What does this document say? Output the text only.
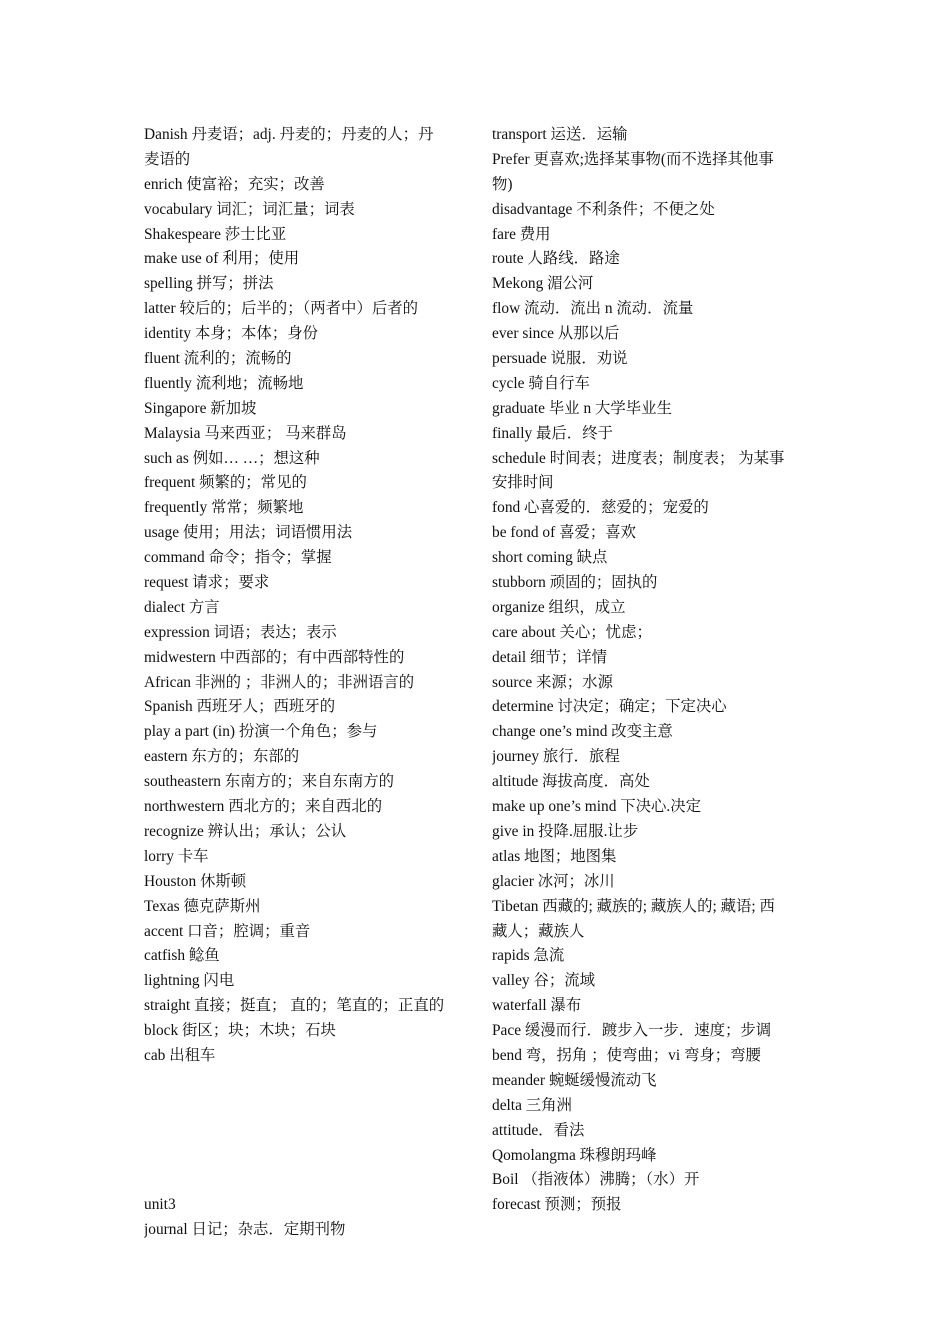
Danish 丹麦语；adj. 丹麦的；丹麦的人；丹
麦语的
enrich 使富裕；充实；改善
vocabulary 词汇；词汇量；词表
Shakespeare 莎士比亚
make use of 利用；使用
spelling 拼写；拼法
latter 较后的；后半的；（两者中）后者的
identity 本身；本体；身份
fluent 流利的；流畅的
fluently 流利地；流畅地
Singapore 新加坡
Malaysia 马来西亚； 马来群岛
such as 例如… …；想这种
frequent 频繁的；常见的
frequently 常常；频繁地
usage 使用；用法；词语惯用法
command 命令；指令；掌握
request 请求；要求
dialect 方言
expression 词语；表达；表示
midwestern 中西部的；有中西部特性的
African 非洲的 ；非洲人的；非洲语言的
Spanish 西班牙人；西班牙的
play a part (in) 扮演一个角色；参与
eastern 东方的；东部的
southeastern 东南方的；来自东南方的
northwestern 西北方的；来自西北的
recognize 辨认出；承认；公认
lorry 卡车
Houston 休斯顿
Texas 德克萨斯州
accent 口音；腔调；重音
catfish 鲶鱼
lightning 闪电
straight 直接；挺直； 直的；笔直的；正直的
block 街区；块；木块；石块
cab 出租车
unit3
journal 日记；杂志．定期刊物
transport 运送．运输
Prefer 更喜欢;选择某事物(而不选择其他事
物)
disadvantage 不利条件；不便之处
fare 费用
route 人路线．路途
Mekong 湄公河
flow 流动．流出 n 流动．流量
ever since 从那以后
persuade 说服．劝说
cycle 骑自行车
graduate 毕业 n 大学毕业生
finally 最后．终于
schedule 时间表；进度表；制度表； 为某事
安排时间
fond 心喜爱的．慈爱的；宠爱的
be fond of 喜爱；喜欢
short coming 缺点
stubborn 顽固的；固执的
organize 组织，成立
care about 关心；忧虑；
detail 细节；详情
source 来源；水源
determine 讨决定；确定；下定决心
change one’s mind 改变主意
journey 旅行．旅程
altitude 海拔高度．高处
make up one’s mind 下决心.决定
give in 投降.屈服.让步
atlas 地图；地图集
glacier 冰河；冰川
Tibetan 西藏的; 藏族的; 藏族人的; 藏语; 西
藏人；藏族人
rapids 急流
valley 谷；流域
waterfall 瀑布
Pace 缓漫而行．踱步入一步．速度；步调
bend 弯，拐角 ；使弯曲；vi 弯身；弯腰
meander 蜿蜒缓慢流动飞
delta 三角洲
attitude．看法
Qomolangma 珠穆朗玛峰
Boil （指液体）沸腾；（水）开
forecast 预测；预报
